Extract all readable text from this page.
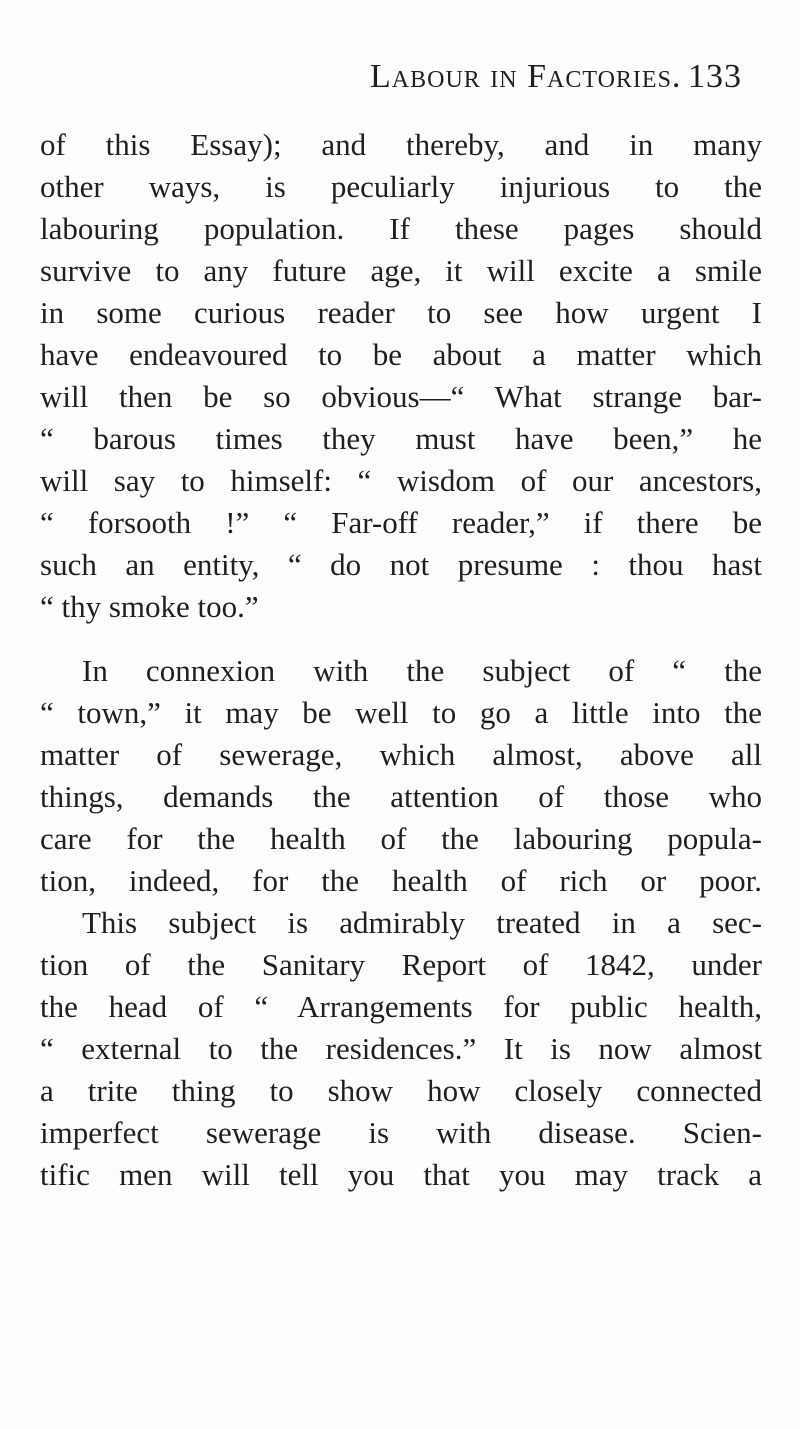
Labour in Factories. 133
of this Essay); and thereby, and in many
other ways, is peculiarly injurious to the
labouring population. If these pages should
survive to any future age, it will excite a smile
in some curious reader to see how urgent I
have endeavoured to be about a matter which
will then be so obvious—“ What strange bar-
“ barous times they must have been,” he
will say to himself: “ wisdom of our ancestors,
“ forsooth !” “ Far-off reader,” if there be
such an entity, “ do not presume : thou hast
“ thy smoke too.”
In connexion with the subject of “ the
“ town,” it may be well to go a little into the
matter of sewerage, which almost, above all
things, demands the attention of those who
care for the health of the labouring popula-
tion, indeed, for the health of rich or poor.
This subject is admirably treated in a sec-
tion of the Sanitary Report of 1842, under
the head of “ Arrangements for public health,
“ external to the residences.” It is now almost
a trite thing to show how closely connected
imperfect sewerage is with disease. Scien-
tific men will tell you that you may track a
